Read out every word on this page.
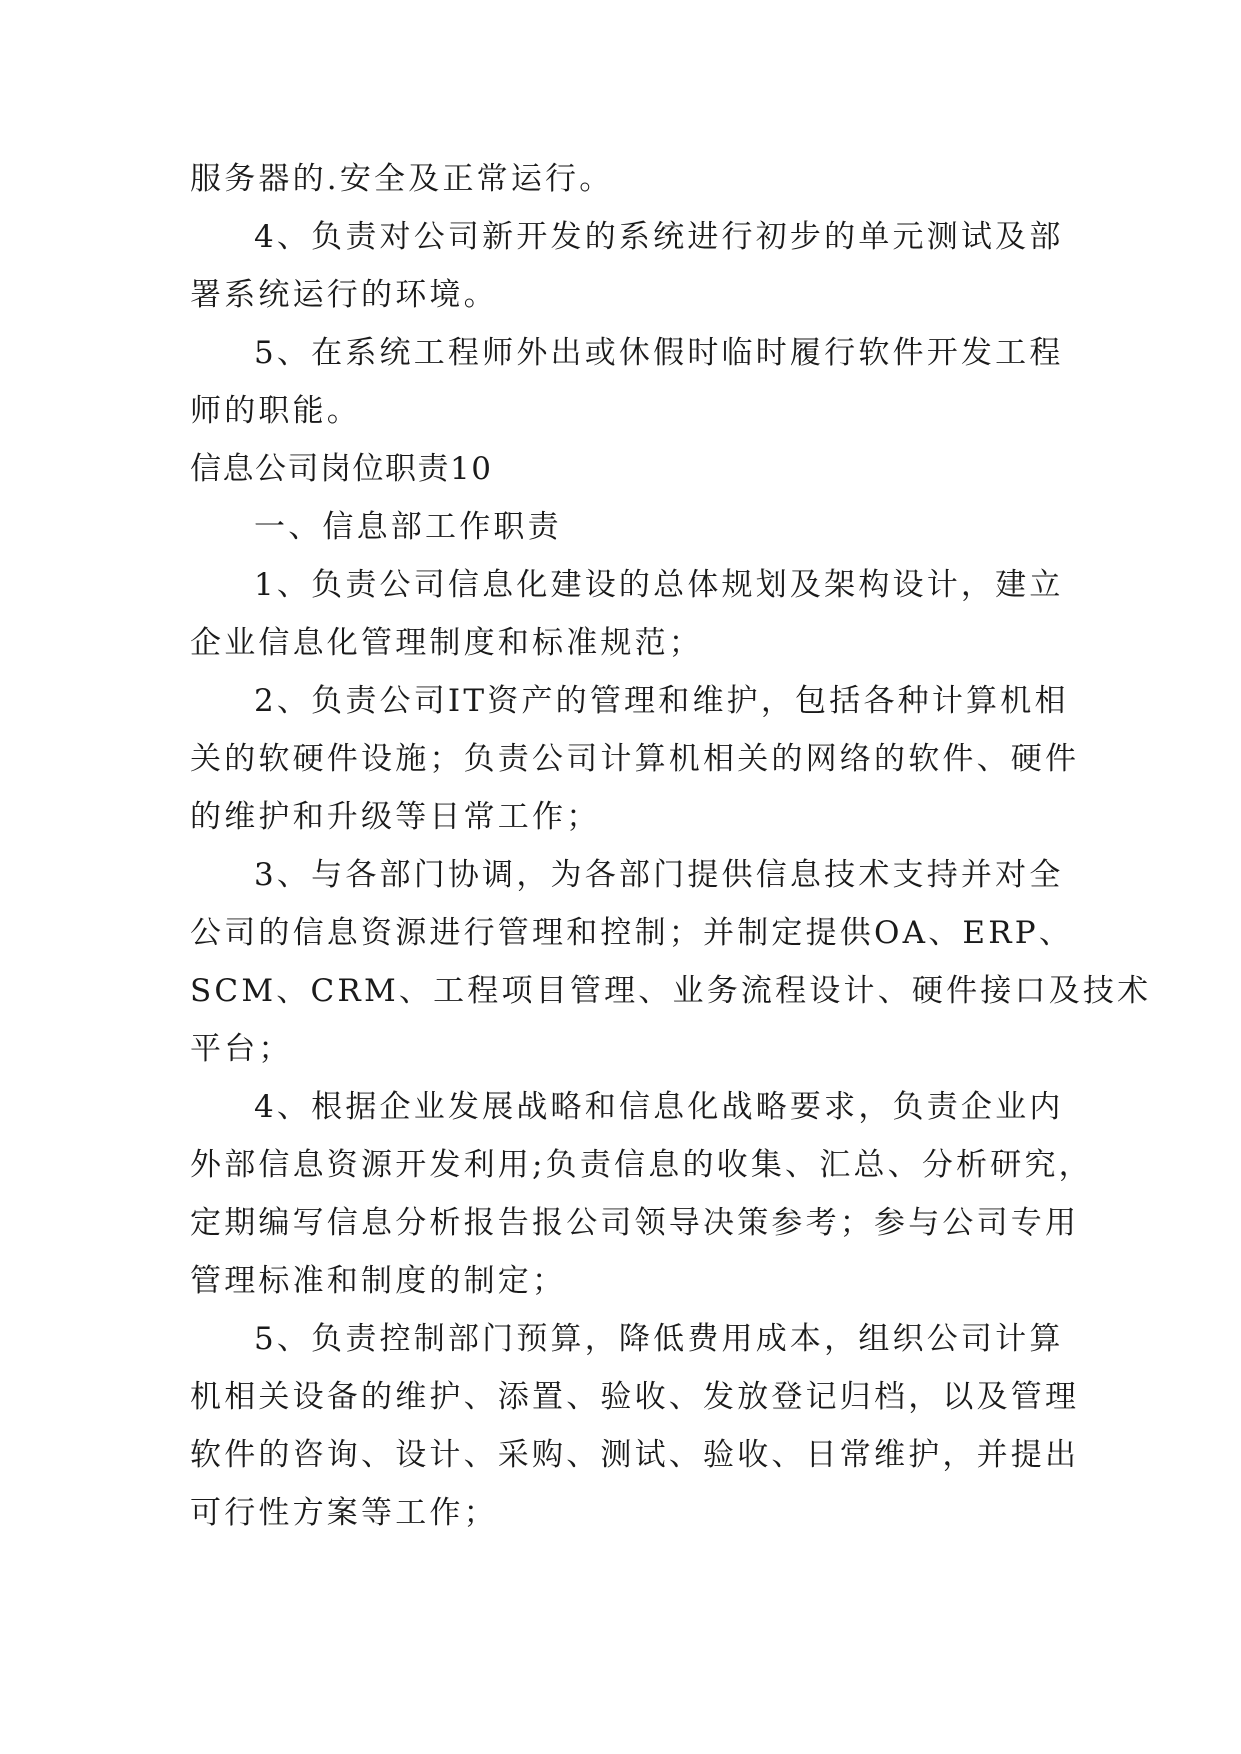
服务器的.安全及正常运行。
4、负责对公司新开发的系统进行初步的单元测试及部
署系统运行的环境。
5、在系统工程师外出或休假时临时履行软件开发工程
师的职能。
信息公司岗位职责10
一、信息部工作职责
1、负责公司信息化建设的总体规划及架构设计，建立
企业信息化管理制度和标准规范；
2、负责公司IT资产的管理和维护，包括各种计算机相
关的软硬件设施；负责公司计算机相关的网络的软件、硬件
的维护和升级等日常工作；
3、与各部门协调，为各部门提供信息技术支持并对全
公司的信息资源进行管理和控制；并制定提供OA、ERP、
SCM、CRM、工程项目管理、业务流程设计、硬件接口及技术
平台；
4、根据企业发展战略和信息化战略要求，负责企业内
外部信息资源开发利用;负责信息的收集、汇总、分析研究，
定期编写信息分析报告报公司领导决策参考；参与公司专用
管理标准和制度的制定；
5、负责控制部门预算，降低费用成本，组织公司计算
机相关设备的维护、添置、验收、发放登记归档，以及管理
软件的咨询、设计、采购、测试、验收、日常维护，并提出
可行性方案等工作；
